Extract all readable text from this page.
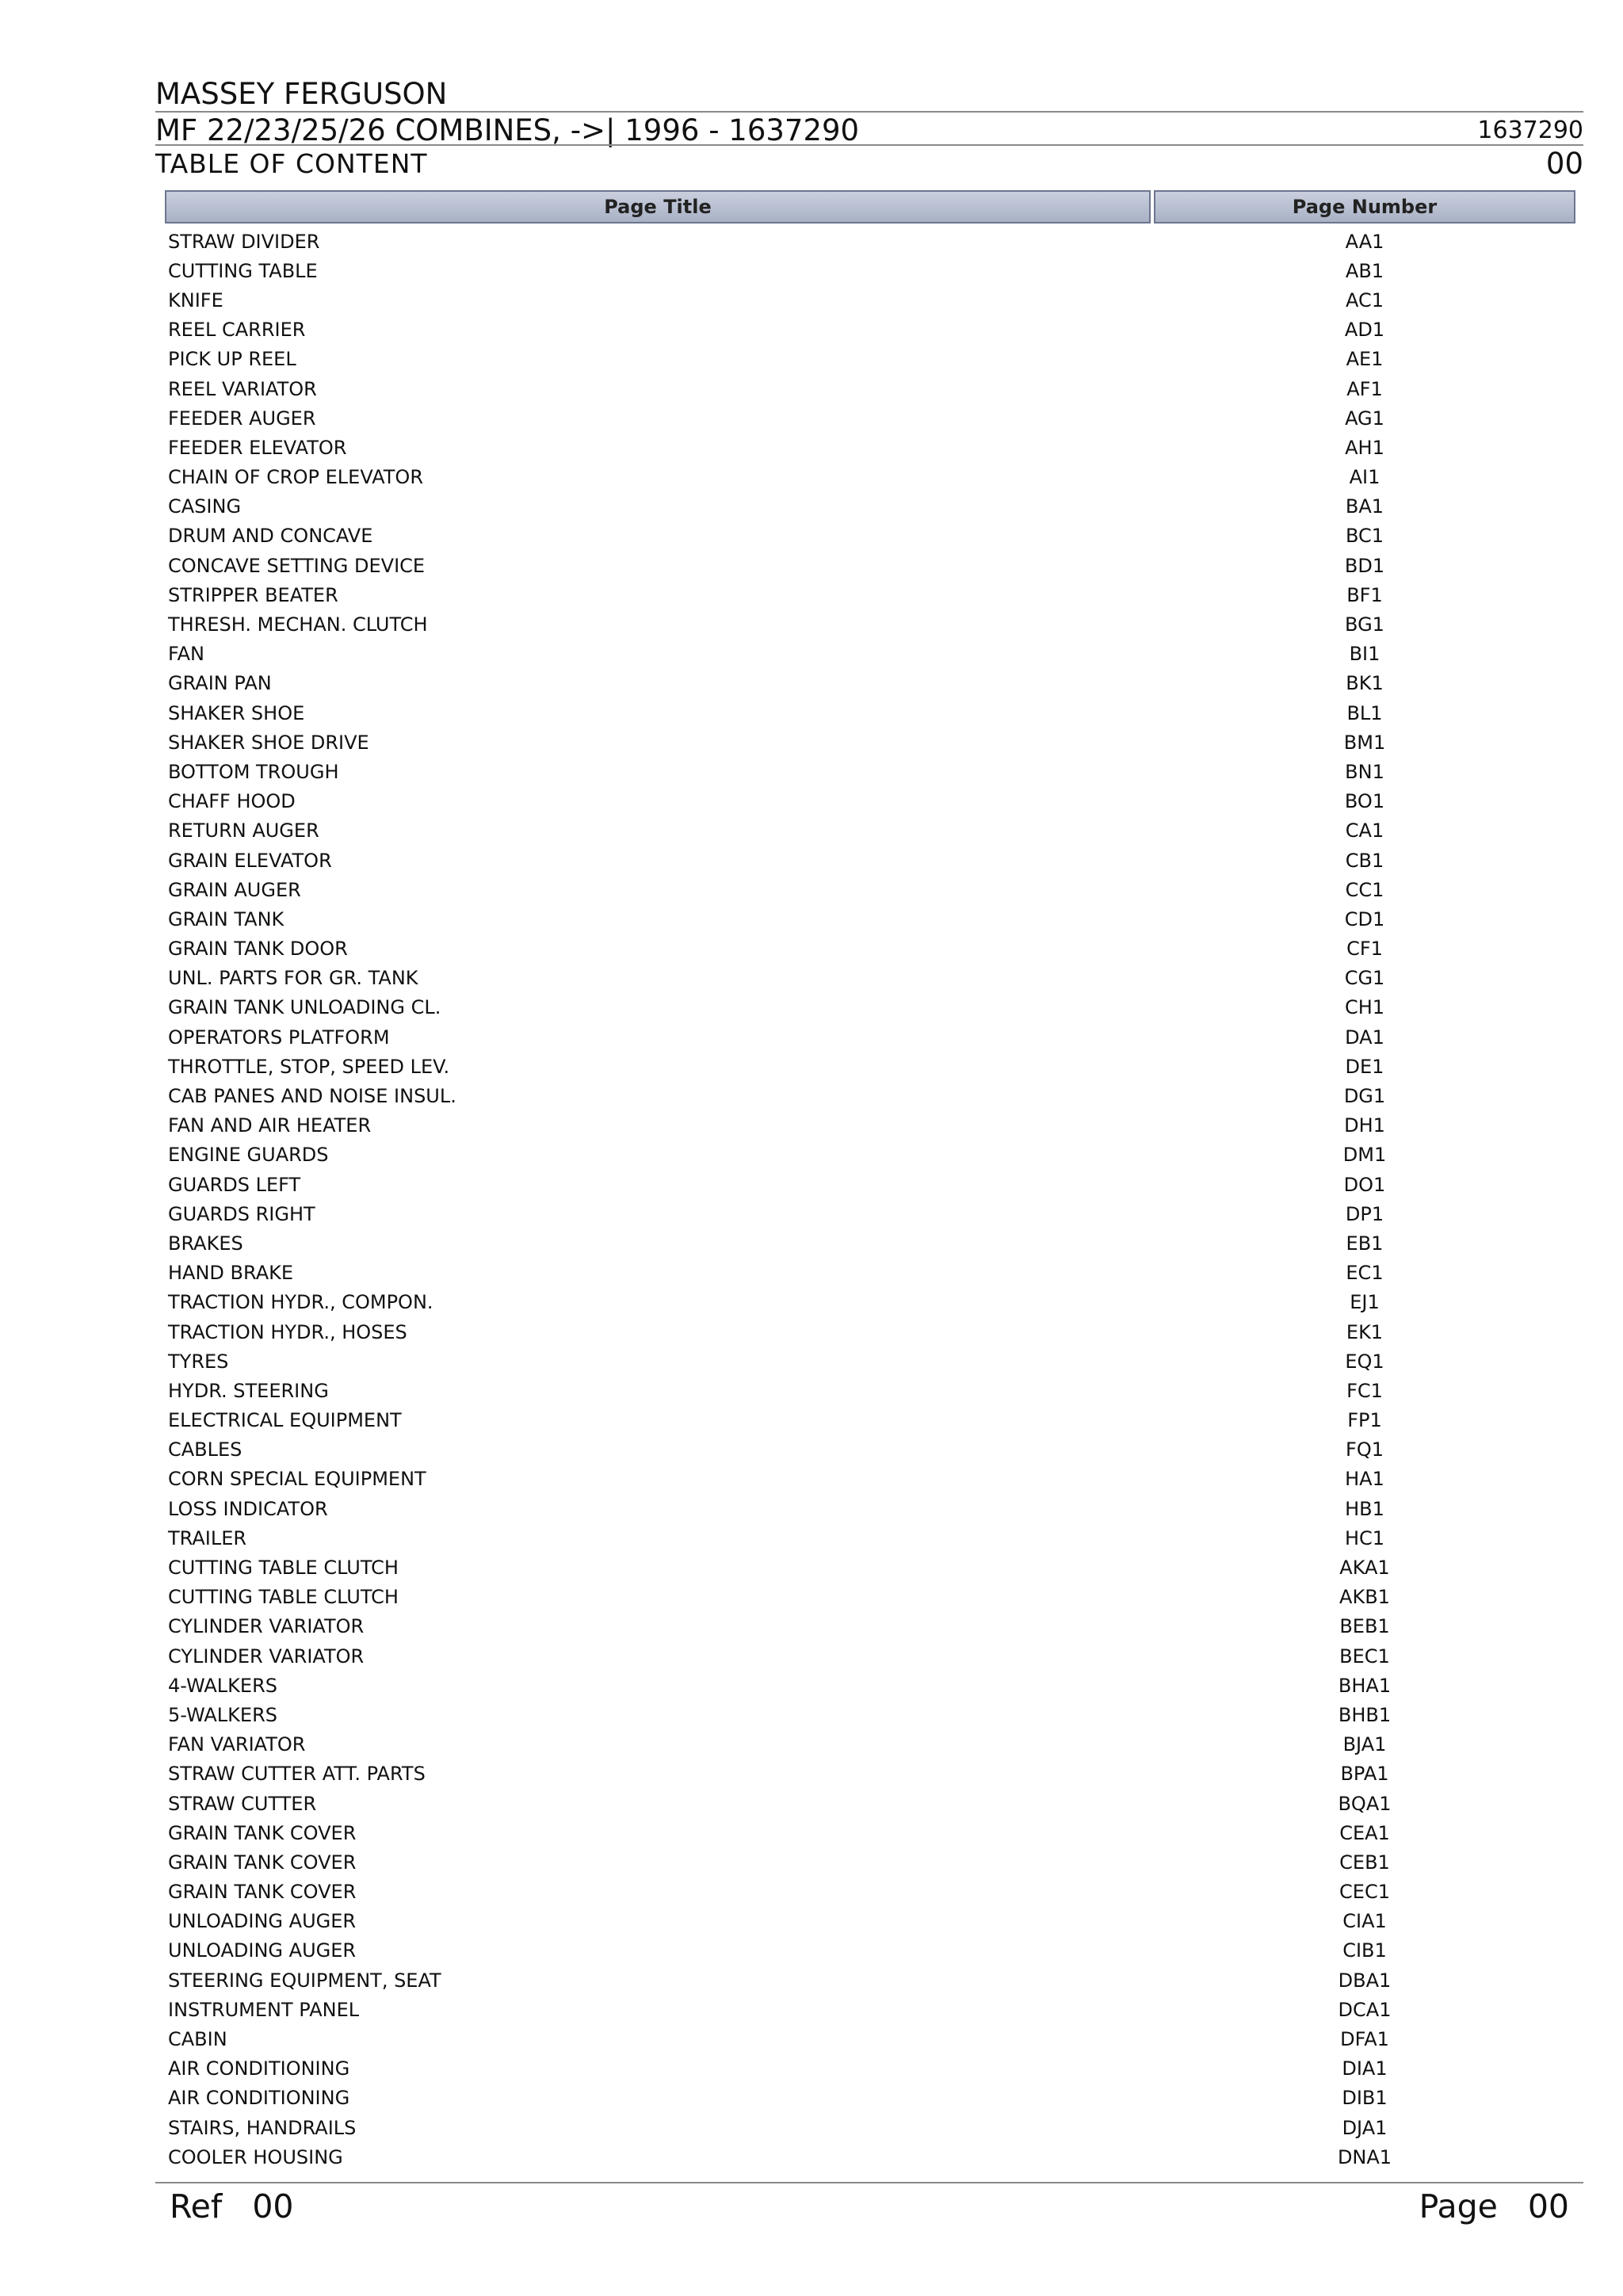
MASSEY FERGUSON
MF 22/23/25/26 COMBINES, ->| 1996 - 1637290	1637290
TABLE OF CONTENT	00
Page Title	Page Number
STRAW DIVIDER	AA1
CUTTING TABLE	AB1
KNIFE	AC1
REEL CARRIER	AD1
PICK UP REEL	AE1
REEL VARIATOR	AF1
FEEDER AUGER	AG1
FEEDER ELEVATOR	AH1
CHAIN OF CROP ELEVATOR	AI1
CASING	BA1
DRUM AND CONCAVE	BC1
CONCAVE SETTING DEVICE	BD1
STRIPPER BEATER	BF1
THRESH. MECHAN. CLUTCH	BG1
FAN	BI1
GRAIN PAN	BK1
SHAKER SHOE	BL1
SHAKER SHOE DRIVE	BM1
BOTTOM TROUGH	BN1
CHAFF HOOD	BO1
RETURN AUGER	CA1
GRAIN ELEVATOR	CB1
GRAIN AUGER	CC1
GRAIN TANK	CD1
GRAIN TANK DOOR	CF1
UNL. PARTS FOR GR. TANK	CG1
GRAIN TANK UNLOADING CL.	CH1
OPERATORS PLATFORM	DA1
THROTTLE, STOP, SPEED LEV.	DE1
CAB PANES AND NOISE INSUL.	DG1
FAN AND AIR HEATER	DH1
ENGINE GUARDS	DM1
GUARDS LEFT	DO1
GUARDS RIGHT	DP1
BRAKES	EB1
HAND BRAKE	EC1
TRACTION HYDR., COMPON.	EJ1
TRACTION HYDR., HOSES	EK1
TYRES	EQ1
HYDR. STEERING	FC1
ELECTRICAL EQUIPMENT	FP1
CABLES	FQ1
CORN SPECIAL EQUIPMENT	HA1
LOSS INDICATOR	HB1
TRAILER	HC1
CUTTING TABLE CLUTCH	AKA1
CUTTING TABLE CLUTCH	AKB1
CYLINDER VARIATOR	BEB1
CYLINDER VARIATOR	BEC1
4-WALKERS	BHA1
5-WALKERS	BHB1
FAN VARIATOR	BJA1
STRAW CUTTER ATT. PARTS	BPA1
STRAW CUTTER	BQA1
GRAIN TANK COVER	CEA1
GRAIN TANK COVER	CEB1
GRAIN TANK COVER	CEC1
UNLOADING AUGER	CIA1
UNLOADING AUGER	CIB1
STEERING EQUIPMENT, SEAT	DBA1
INSTRUMENT PANEL	DCA1
CABIN	DFA1
AIR CONDITIONING	DIA1
AIR CONDITIONING	DIB1
STAIRS, HANDRAILS	DJA1
COOLER HOUSING	DNA1
Ref 00	Page 00
